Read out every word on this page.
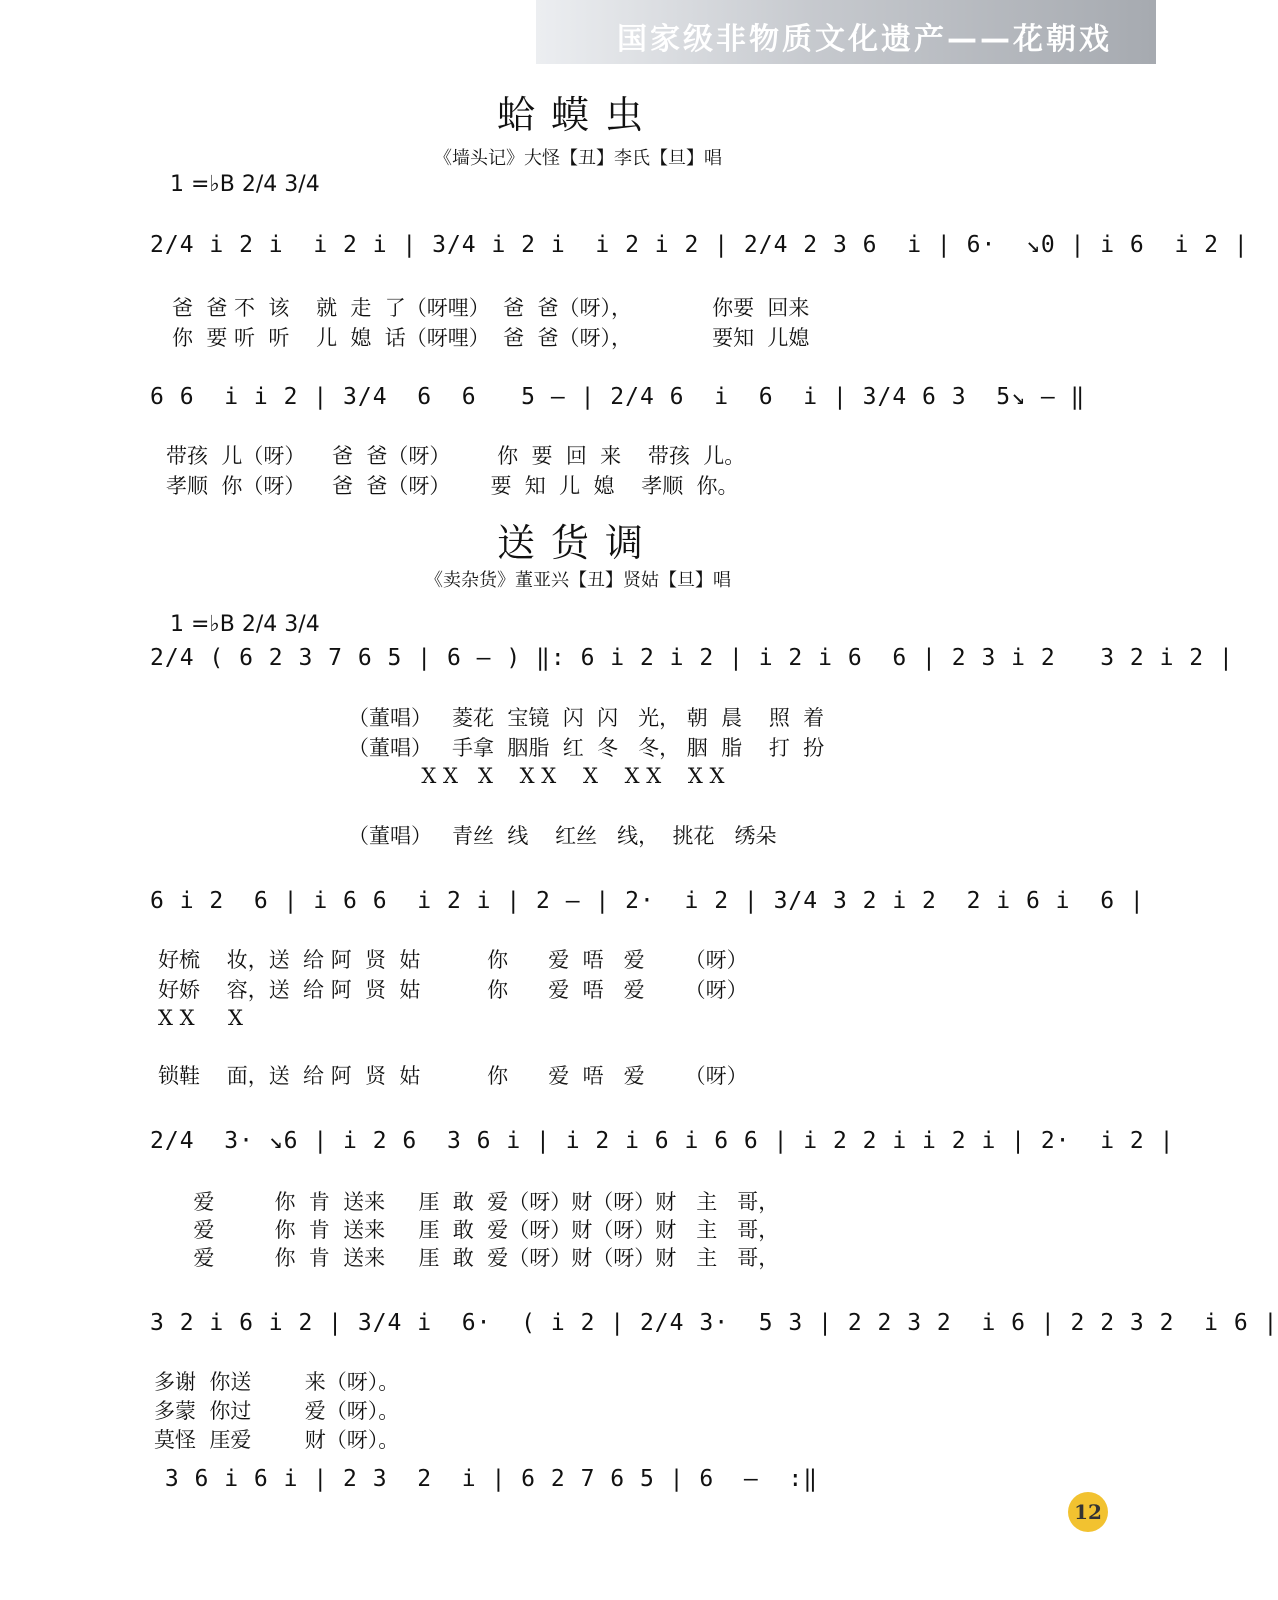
国家级非物质文化遗产——花朝戏
蛤蟆虫
《墙头记》大怪【丑】李氏【旦】唱
1 =♭B 2/4 3/4
2/4 i 2 i  i 2 i | 3/4 i 2 i  i 2 i 2 | 2/4 2 3 6  i | 6·  ↘0 | i 6  i 2 |
爸  爸 不  该    就  走  了（呀哩）  爸  爸（呀），            你要  回来
你  要 听  听    儿  媳  话（呀哩）  爸  爸（呀），            要知  儿媳
6 6  i i 2 | 3/4  6  6   5 — | 2/4 6  i  6  i | 3/4 6 3  5↘ — ‖
带孩  儿（呀）    爸  爸（呀）       你  要  回  来    带孩  儿。
孝顺  你（呀）    爸  爸（呀）      要  知  儿  媳    孝顺  你。
送货调
《卖杂货》董亚兴【丑】贤姑【旦】唱
1 =♭B 2/4 3/4
2/4 ( 6 2 3 7 6 5 | 6 — ) ‖: 6 i 2 i 2 | i 2 i 6  6 | 2 3 i 2   3 2 i 2 |
（董唱）   菱花  宝镜  闪  闪   光， 朝  晨    照  着
（董唱）   手拿  胭脂  红  冬   冬， 胭  脂    打  扮
X X   X    X X    X    X X    X X
（董唱）   青丝  线    红丝   线，  挑花   绣朵
6 i 2  6 | i 6 6  i 2 i | 2 — | 2·  i 2 | 3/4 3 2 i 2  2 i 6 i  6 |
好梳    妆，送  给 阿  贤  姑          你      爱  唔   爱      （呀）
好娇    容，送  给 阿  贤  姑          你      爱  唔   爱      （呀）
X X     X
锁鞋    面，送  给 阿  贤  姑          你      爱  唔   爱      （呀）
2/4  3· ↘6 | i 2 6  3 6 i | i 2 i 6 i 6 6 | i 2 2 i i 2 i | 2·  i 2 |
爱         你  肯  送来     厓  敢  爱（呀）财（呀）财   主   哥，
爱         你  肯  送来     厓  敢  爱（呀）财（呀）财   主   哥，
爱         你  肯  送来     厓  敢  爱（呀）财（呀）财   主   哥，
3 2 i 6 i 2 | 3/4 i  6·  ( i 2 | 2/4 3·  5 3 | 2 2 3 2  i 6 | 2 2 3 2  i 6 |
多谢  你送        来（呀）。
多蒙  你过        爱（呀）。
莫怪  厓爱        财（呀）。
3 6 i 6 i | 2 3  2  i | 6 2 7 6 5 | 6  —  :‖
12
